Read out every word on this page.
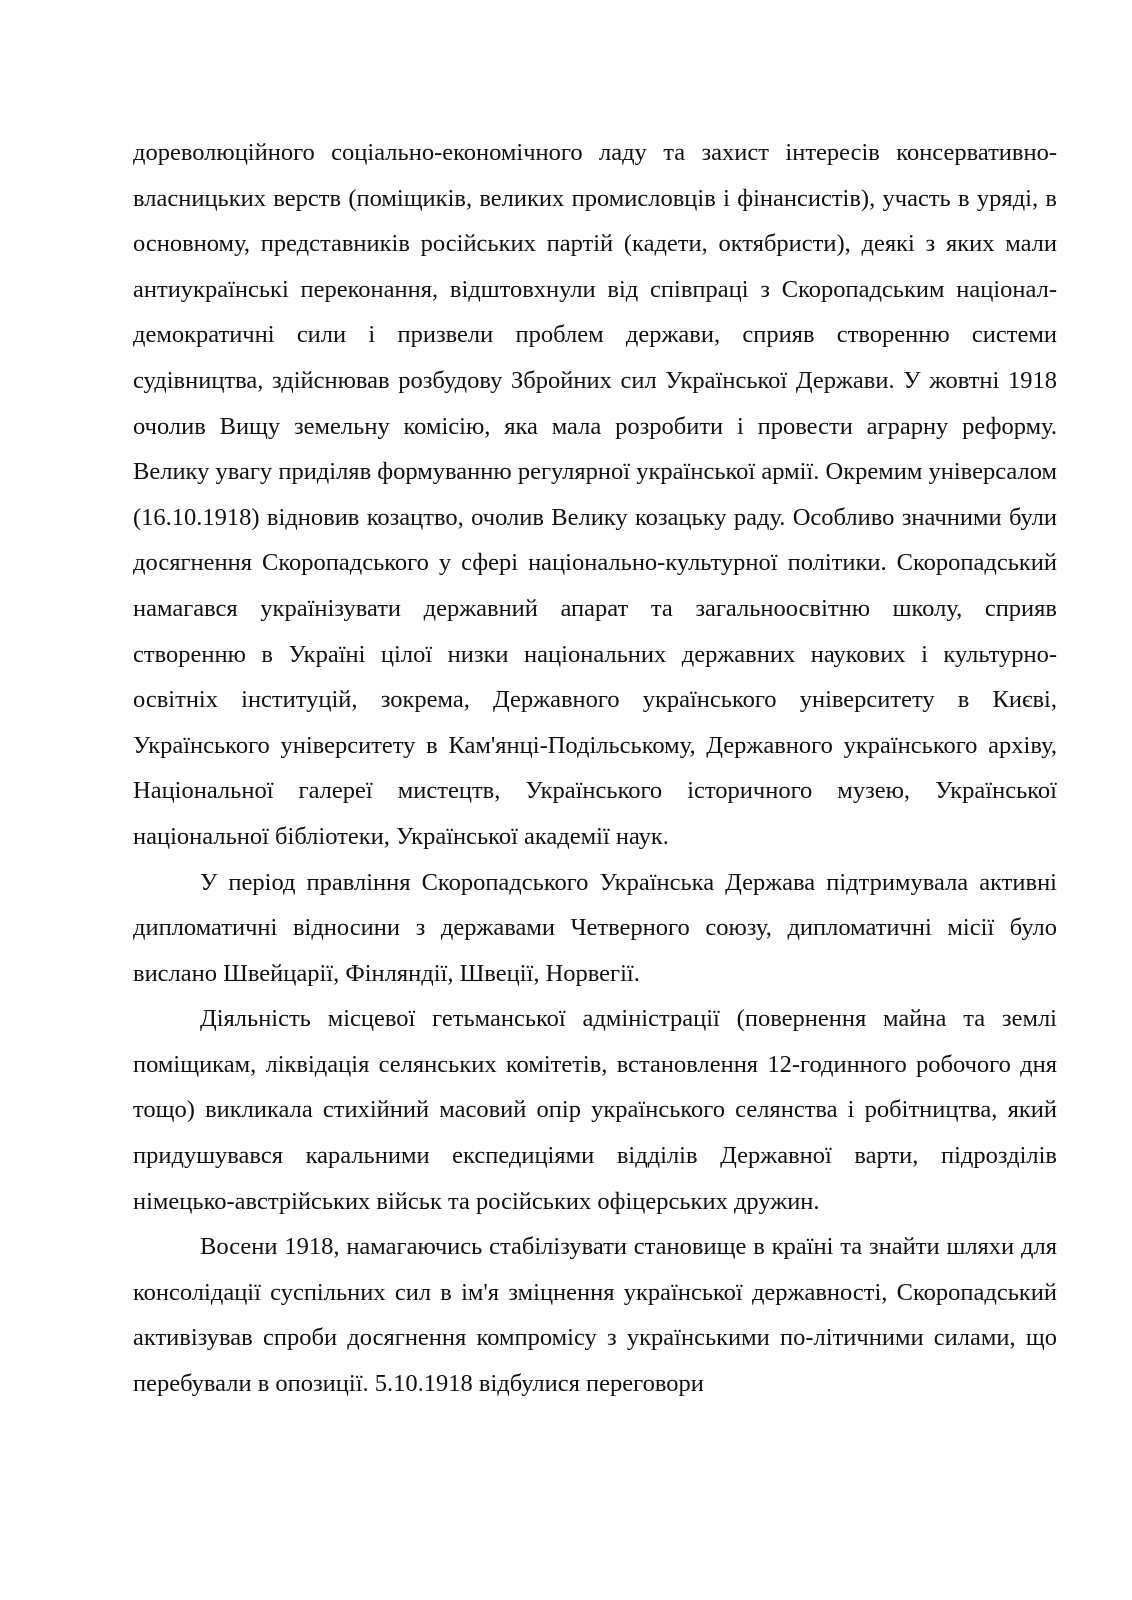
дореволюційного соціально-економічного ладу та захист інтересів консервативно-власницьких верств (поміщиків, великих промисловців і фінансистів), участь в уряді, в основному, представників російських партій (кадети, октябристи), деякі з яких мали антиукраїнські переконання, відштовхнули від співпраці з Скоропадським націонал-демократичні сили і призвели проблем держави, сприяв створенню системи судівництва, здійснював розбудову Збройних сил Української Держави. У жовтні 1918 очолив Вищу земельну комісію, яка мала розробити і провести аграрну реформу. Велику увагу приділяв формуванню регулярної української армії. Окремим універсалом (16.10.1918) відновив козацтво, очолив Велику козацьку раду. Особливо значними були досягнення Скоропадського у сфері національно-культурної політики. Скоропадський намагався українізувати державний апарат та загальноосвітню школу, сприяв створенню в Україні цілої низки національних державних наукових і культурно-освітніх інституцій, зокрема, Державного українського університету в Києві, Українського університету в Кам'янці-Подільському, Державного українського архіву, Національної галереї мистецтв, Українського історичного музею, Української національної бібліотеки, Української академії наук.

У період правління Скоропадського Українська Держава підтримувала активні дипломатичні відносини з державами Четверного союзу, дипломатичні місії було вислано Швейцарії, Фінляндії, Швеції, Норвегії.

Діяльність місцевої гетьманської адміністрації (повернення майна та землі поміщикам, ліквідація селянських комітетів, встановлення 12-годинного робочого дня тощо) викликала стихійний масовий опір українського селянства і робітництва, який придушувався каральними експедиціями відділів Державної варти, підрозділів німецько-австрійських військ та російських офіцерських дружин.

Восени 1918, намагаючись стабілізувати становище в країні та знайти шляхи для консолідації суспільних сил в ім'я зміцнення української державності, Скоропадський активізував спроби досягнення компромісу з українськими по-літичними силами, що перебували в опозиції. 5.10.1918 відбулися переговори
